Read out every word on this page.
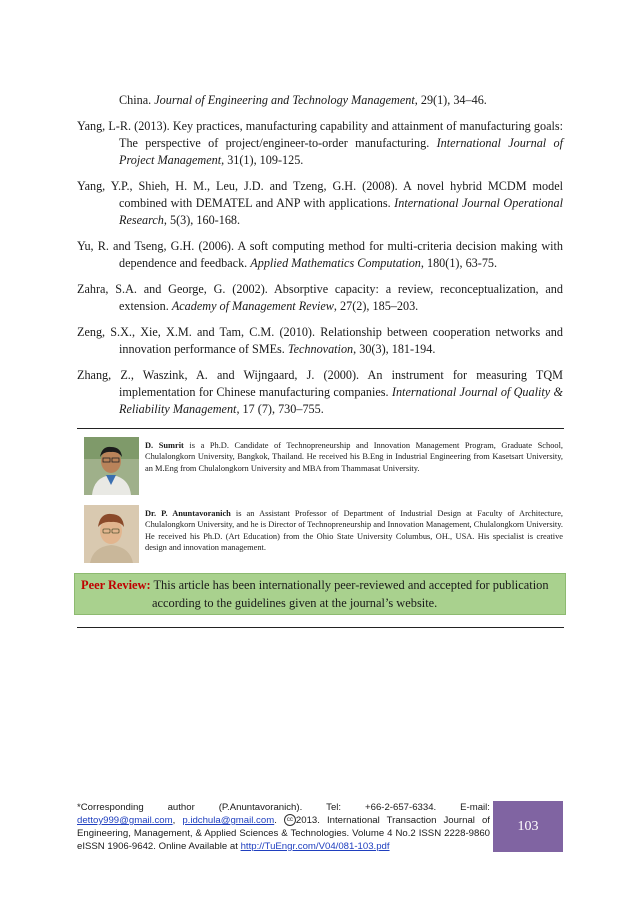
China. Journal of Engineering and Technology Management, 29(1), 34–46.

Yang, L-R. (2013). Key practices, manufacturing capability and attainment of manufacturing goals: The perspective of project/engineer-to-order manufacturing. International Journal of Project Management, 31(1), 109-125.

Yang, Y.P., Shieh, H. M., Leu, J.D. and Tzeng, G.H. (2008). A novel hybrid MCDM model combined with DEMATEL and ANP with applications. International Journal Operational Research, 5(3), 160-168.

Yu, R. and Tseng, G.H. (2006). A soft computing method for multi-criteria decision making with dependence and feedback. Applied Mathematics Computation, 180(1), 63-75.

Zahra, S.A. and George, G. (2002). Absorptive capacity: a review, reconceptualization, and extension. Academy of Management Review, 27(2), 185–203.

Zeng, S.X., Xie, X.M. and Tam, C.M. (2010). Relationship between cooperation networks and innovation performance of SMEs. Technovation, 30(3), 181-194.

Zhang, Z., Waszink, A. and Wijngaard, J. (2000). An instrument for measuring TQM implementation for Chinese manufacturing companies. International Journal of Quality & Reliability Management, 17 (7), 730–755.

D. Sumrit is a Ph.D. Candidate of Technopreneurship and Innovation Management Program, Graduate School, Chulalongkorn University, Bangkok, Thailand. He received his B.Eng in Industrial Engineering from Kasetsart University, an M.Eng from Chulalongkorn University and MBA from Thammasat University.
Dr. P. Anuntavoranich is an Assistant Professor of Department of Industrial Design at Faculty of Architecture, Chulalongkorn University, and he is Director of Technopreneurship and Innovation Management, Chulalongkorn University. He received his Ph.D. (Art Education) from the Ohio State University Columbus, OH., USA. His specialist is creative design and innovation management.
Peer Review: This article has been internationally peer-reviewed and accepted for publication
according to the guidelines given at the journal’s website.
*Corresponding author (P.Anuntavoranich). Tel: +66-2-657-6334. E-mail:
dettoy999@gmail.com, p.idchula@gmail.com. cc 2013. International Transaction Journal of Engineering, Management, & Applied Sciences & Technologies. Volume 4 No.2 ISSN 2228-9860 eISSN 1906-9642. Online Available at http://TuEngr.com/V04/081-103.pdf
103
